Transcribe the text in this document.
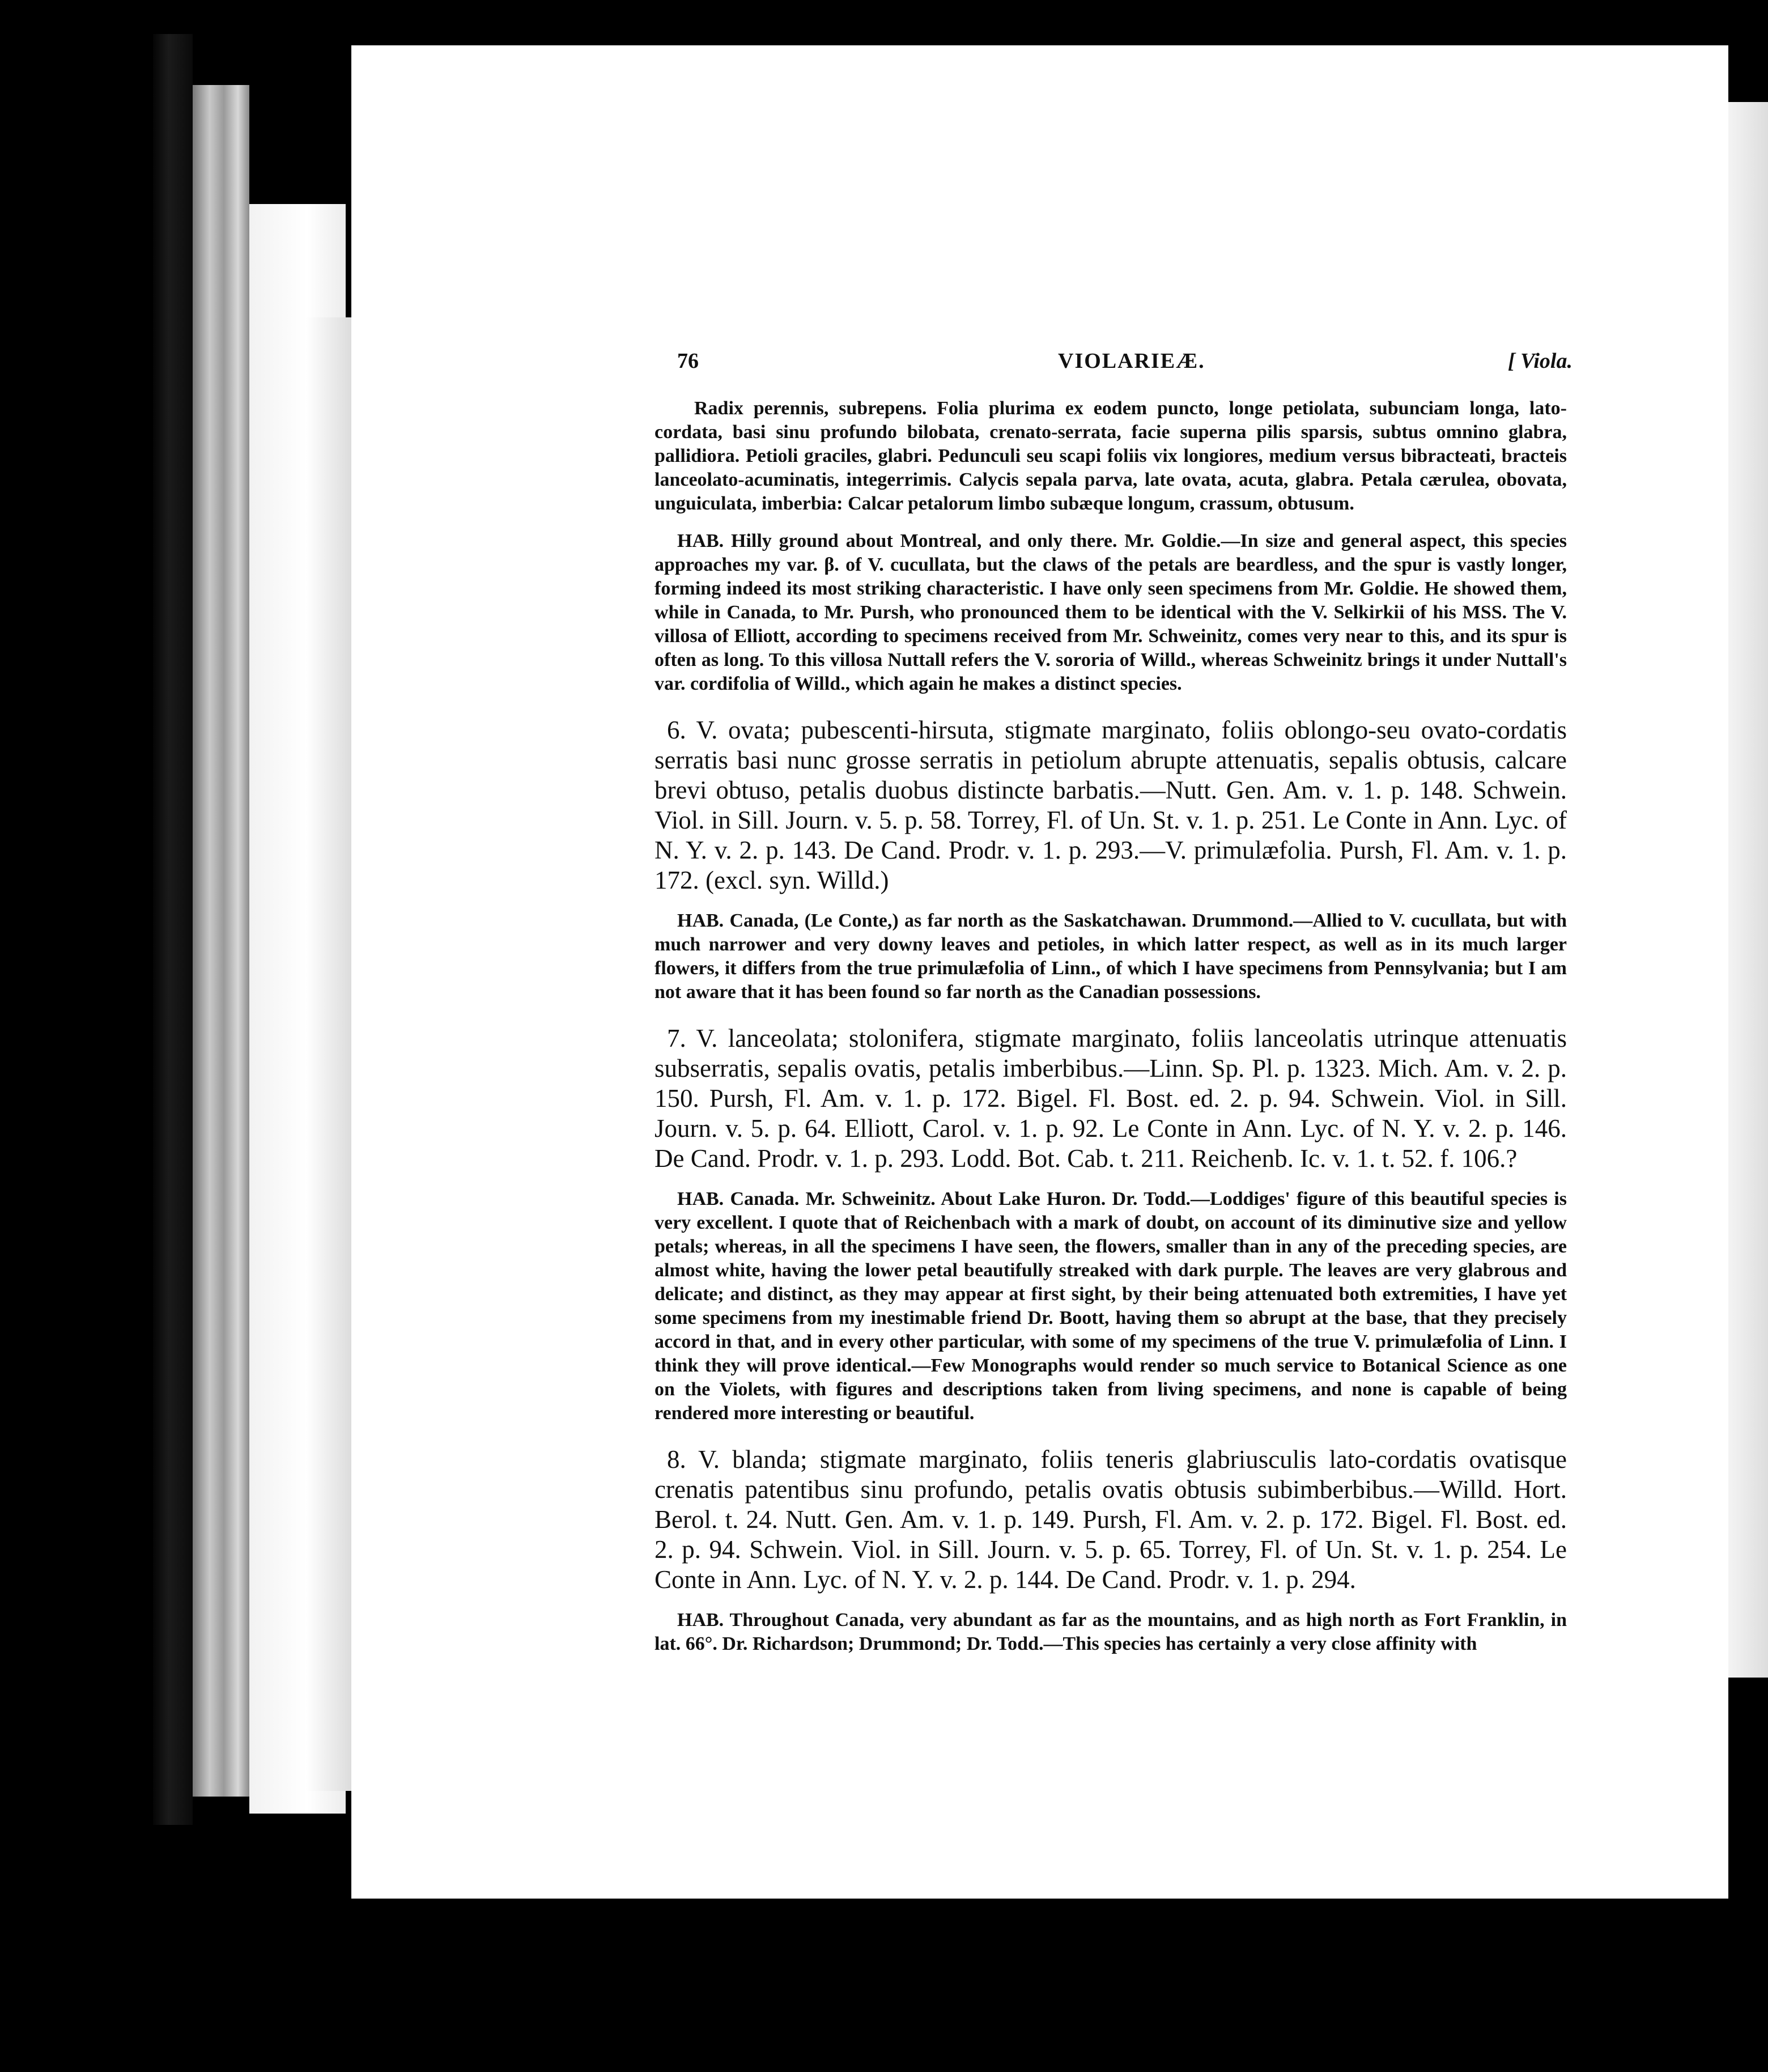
76	VIOLARIEÆ.	[ Viola.

Radix perennis, subrepens. Folia plurima ex eodem puncto, longe petiolata, subunciam longa, lato-cordata, basi sinu profundo bilobata, crenato-serrata, facie superna pilis sparsis, subtus omnino glabra, pallidiora. Petioli graciles, glabri. Pedunculi seu scapi foliis vix longiores, medium versus bibracteati, bracteis lanceolato-acuminatis, integerrimis. Calycis sepala parva, late ovata, acuta, glabra. Petala cærulea, obovata, unguiculata, imberbia: Calcar petalorum limbo subæque longum, crassum, obtusum.

HAB. Hilly ground about Montreal, and only there. Mr. Goldie.—In size and general aspect, this species approaches my var. β. of V. cucullata, but the claws of the petals are beardless, and the spur is vastly longer, forming indeed its most striking characteristic. I have only seen specimens from Mr. Goldie. He showed them, while in Canada, to Mr. Pursh, who pronounced them to be identical with the V. Selkirkii of his MSS. The V. villosa of Elliott, according to specimens received from Mr. Schweinitz, comes very near to this, and its spur is often as long. To this villosa Nuttall refers the V. sororia of Willd., whereas Schweinitz brings it under Nuttall's var. cordifolia of Willd., which again he makes a distinct species.

6. V. ovata; pubescenti-hirsuta, stigmate marginato, foliis oblongo-seu ovato-cordatis serratis basi nunc grosse serratis in petiolum abrupte attenuatis, sepalis obtusis, calcare brevi obtuso, petalis duobus distincte barbatis.—Nutt. Gen. Am. v. 1. p. 148. Schwein. Viol. in Sill. Journ. v. 5. p. 58. Torrey, Fl. of Un. St. v. 1. p. 251. Le Conte in Ann. Lyc. of N. Y. v. 2. p. 143. De Cand. Prodr. v. 1. p. 293.—V. primulæfolia. Pursh, Fl. Am. v. 1. p. 172. (excl. syn. Willd.)

HAB. Canada, (Le Conte,) as far north as the Saskatchawan. Drummond.—Allied to V. cucullata, but with much narrower and very downy leaves and petioles, in which latter respect, as well as in its much larger flowers, it differs from the true primulæfolia of Linn., of which I have specimens from Pennsylvania; but I am not aware that it has been found so far north as the Canadian possessions.

7. V. lanceolata; stolonifera, stigmate marginato, foliis lanceolatis utrinque attenuatis subserratis, sepalis ovatis, petalis imberbibus.—Linn. Sp. Pl. p. 1323. Mich. Am. v. 2. p. 150. Pursh, Fl. Am. v. 1. p. 172. Bigel. Fl. Bost. ed. 2. p. 94. Schwein. Viol. in Sill. Journ. v. 5. p. 64. Elliott, Carol. v. 1. p. 92. Le Conte in Ann. Lyc. of N. Y. v. 2. p. 146. De Cand. Prodr. v. 1. p. 293. Lodd. Bot. Cab. t. 211. Reichenb. Ic. v. 1. t. 52. f. 106.?

HAB. Canada. Mr. Schweinitz. About Lake Huron. Dr. Todd.—Loddiges' figure of this beautiful species is very excellent. I quote that of Reichenbach with a mark of doubt, on account of its diminutive size and yellow petals; whereas, in all the specimens I have seen, the flowers, smaller than in any of the preceding species, are almost white, having the lower petal beautifully streaked with dark purple. The leaves are very glabrous and delicate; and distinct, as they may appear at first sight, by their being attenuated both extremities, I have yet some specimens from my inestimable friend Dr. Boott, having them so abrupt at the base, that they precisely accord in that, and in every other particular, with some of my specimens of the true V. primulæfolia of Linn. I think they will prove identical.—Few Monographs would render so much service to Botanical Science as one on the Violets, with figures and descriptions taken from living specimens, and none is capable of being rendered more interesting or beautiful.

8. V. blanda; stigmate marginato, foliis teneris glabriusculis lato-cordatis ovatisque crenatis patentibus sinu profundo, petalis ovatis obtusis subimberbibus.—Willd. Hort. Berol. t. 24. Nutt. Gen. Am. v. 1. p. 149. Pursh, Fl. Am. v. 2. p. 172. Bigel. Fl. Bost. ed. 2. p. 94. Schwein. Viol. in Sill. Journ. v. 5. p. 65. Torrey, Fl. of Un. St. v. 1. p. 254. Le Conte in Ann. Lyc. of N. Y. v. 2. p. 144. De Cand. Prodr. v. 1. p. 294.

HAB. Throughout Canada, very abundant as far as the mountains, and as high north as Fort Franklin, in lat. 66°. Dr. Richardson; Drummond; Dr. Todd.—This species has certainly a very close affinity with
